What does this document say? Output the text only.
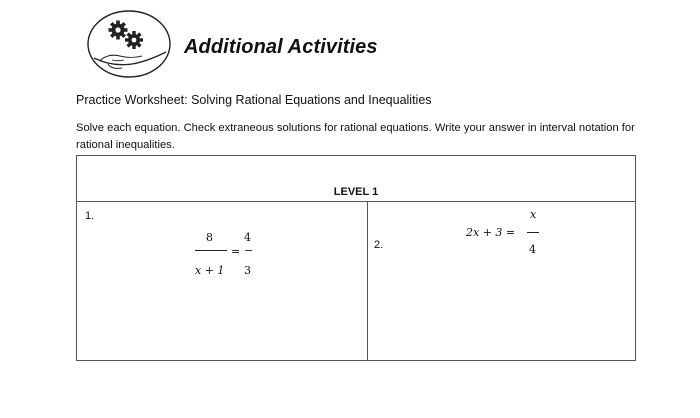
Additional Activities
Practice Worksheet: Solving Rational Equations and Inequalities
Solve each equation. Check extraneous solutions for rational equations. Write your answer in interval notation for rational inequalities.
LEVEL 1
1.
8
x + 1
=
4
−
3
2.
2x + 3 =
x
4
